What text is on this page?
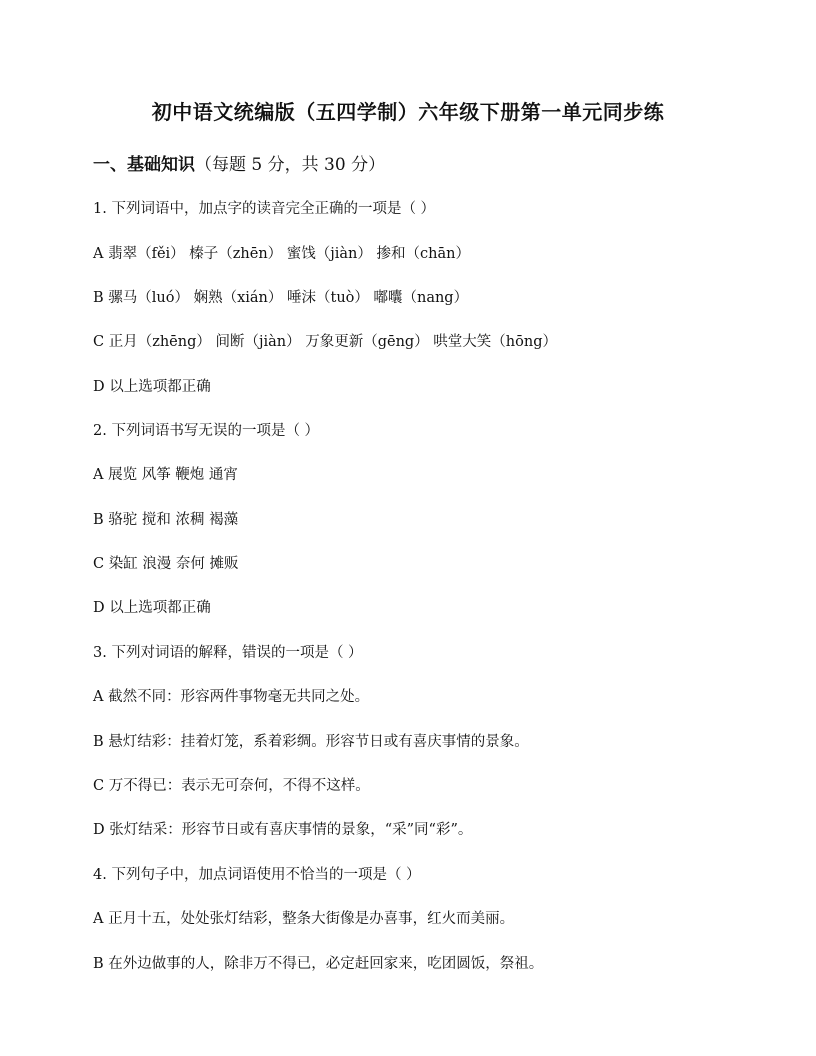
初中语文统编版（五四学制）六年级下册第一单元同步练
一、基础知识（每题 5 分，共 30 分）
1. 下列词语中，加点字的读音完全正确的一项是（ ）
A 翡翠（fěi） 榛子（zhēn） 蜜饯（jiàn） 掺和（chān）
B 骡马（luó） 娴熟（xián） 唾沫（tuò） 嘟囔（nang）
C 正月（zhēng） 间断（jiàn） 万象更新（gēng） 哄堂大笑（hōng）
D 以上选项都正确
2. 下列词语书写无误的一项是（ ）
A 展览 风筝 鞭炮 通宵
B 骆驼 搅和 浓稠 褐藻
C 染缸 浪漫 奈何 摊贩
D 以上选项都正确
3. 下列对词语的解释，错误的一项是（ ）
A 截然不同：形容两件事物毫无共同之处。
B 悬灯结彩：挂着灯笼，系着彩绸。形容节日或有喜庆事情的景象。
C 万不得已：表示无可奈何，不得不这样。
D 张灯结采：形容节日或有喜庆事情的景象，“采”同“彩”。
4. 下列句子中，加点词语使用不恰当的一项是（ ）
A 正月十五，处处张灯结彩，整条大街像是办喜事，红火而美丽。
B 在外边做事的人，除非万不得已，必定赶回家来，吃团圆饭，祭祖。
